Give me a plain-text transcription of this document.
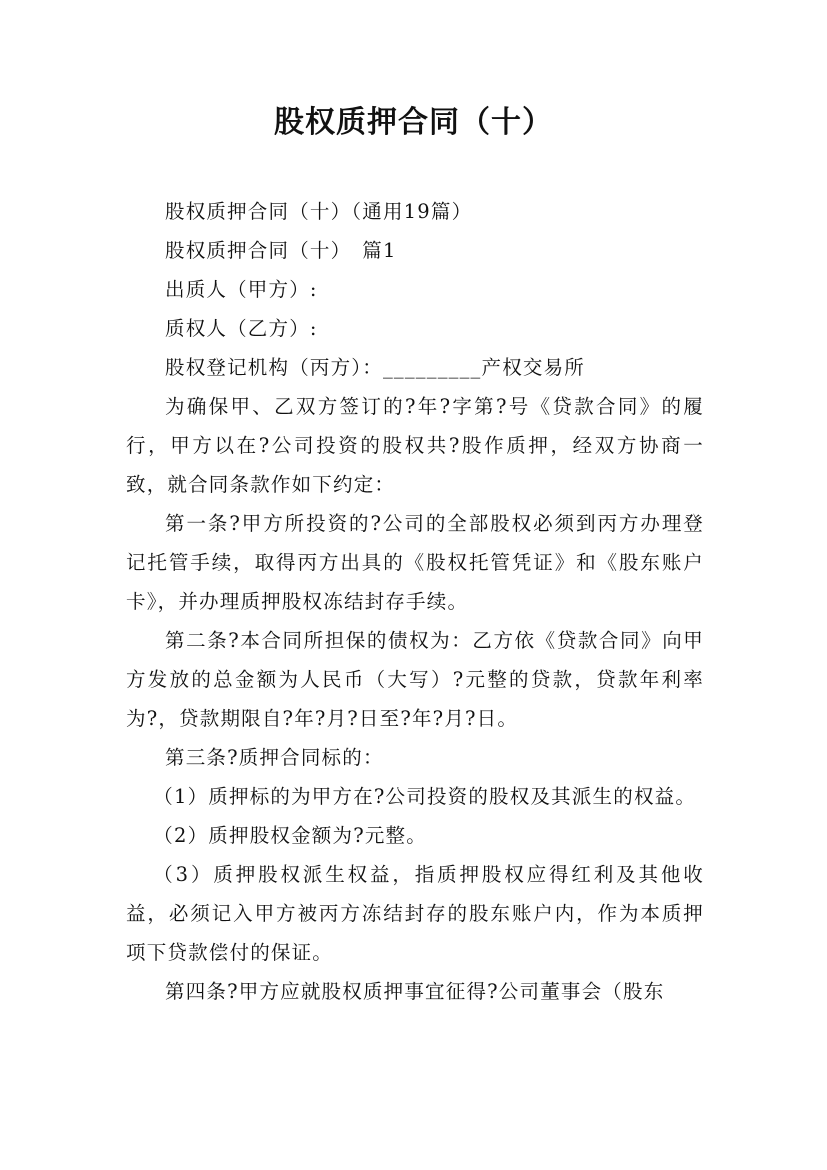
股权质押合同（十）

股权质押合同（十）（通用19篇）

股权质押合同（十）　篇1

出质人（甲方）:

质权人（乙方）:

股权登记机构（丙方）：_________产权交易所

为确保甲、乙双方签订的?年?字第?号《贷款合同》的履行，甲方以在?公司投资的股权共?股作质押，经双方协商一致，就合同条款作如下约定：

第一条?甲方所投资的?公司的全部股权必须到丙方办理登记托管手续，取得丙方出具的《股权托管凭证》和《股东账户卡》，并办理质押股权冻结封存手续。

第二条?本合同所担保的债权为：乙方依《贷款合同》向甲方发放的总金额为人民币（大写）?元整的贷款，贷款年利率为?，贷款期限自?年?月?日至?年?月?日。

第三条?质押合同标的：

（1）质押标的为甲方在?公司投资的股权及其派生的权益。

（2）质押股权金额为?元整。

（3）质押股权派生权益，指质押股权应得红利及其他收益，必须记入甲方被丙方冻结封存的股东账户内，作为本质押项下贷款偿付的保证。

第四条?甲方应就股权质押事宜征得?公司董事会（股东
